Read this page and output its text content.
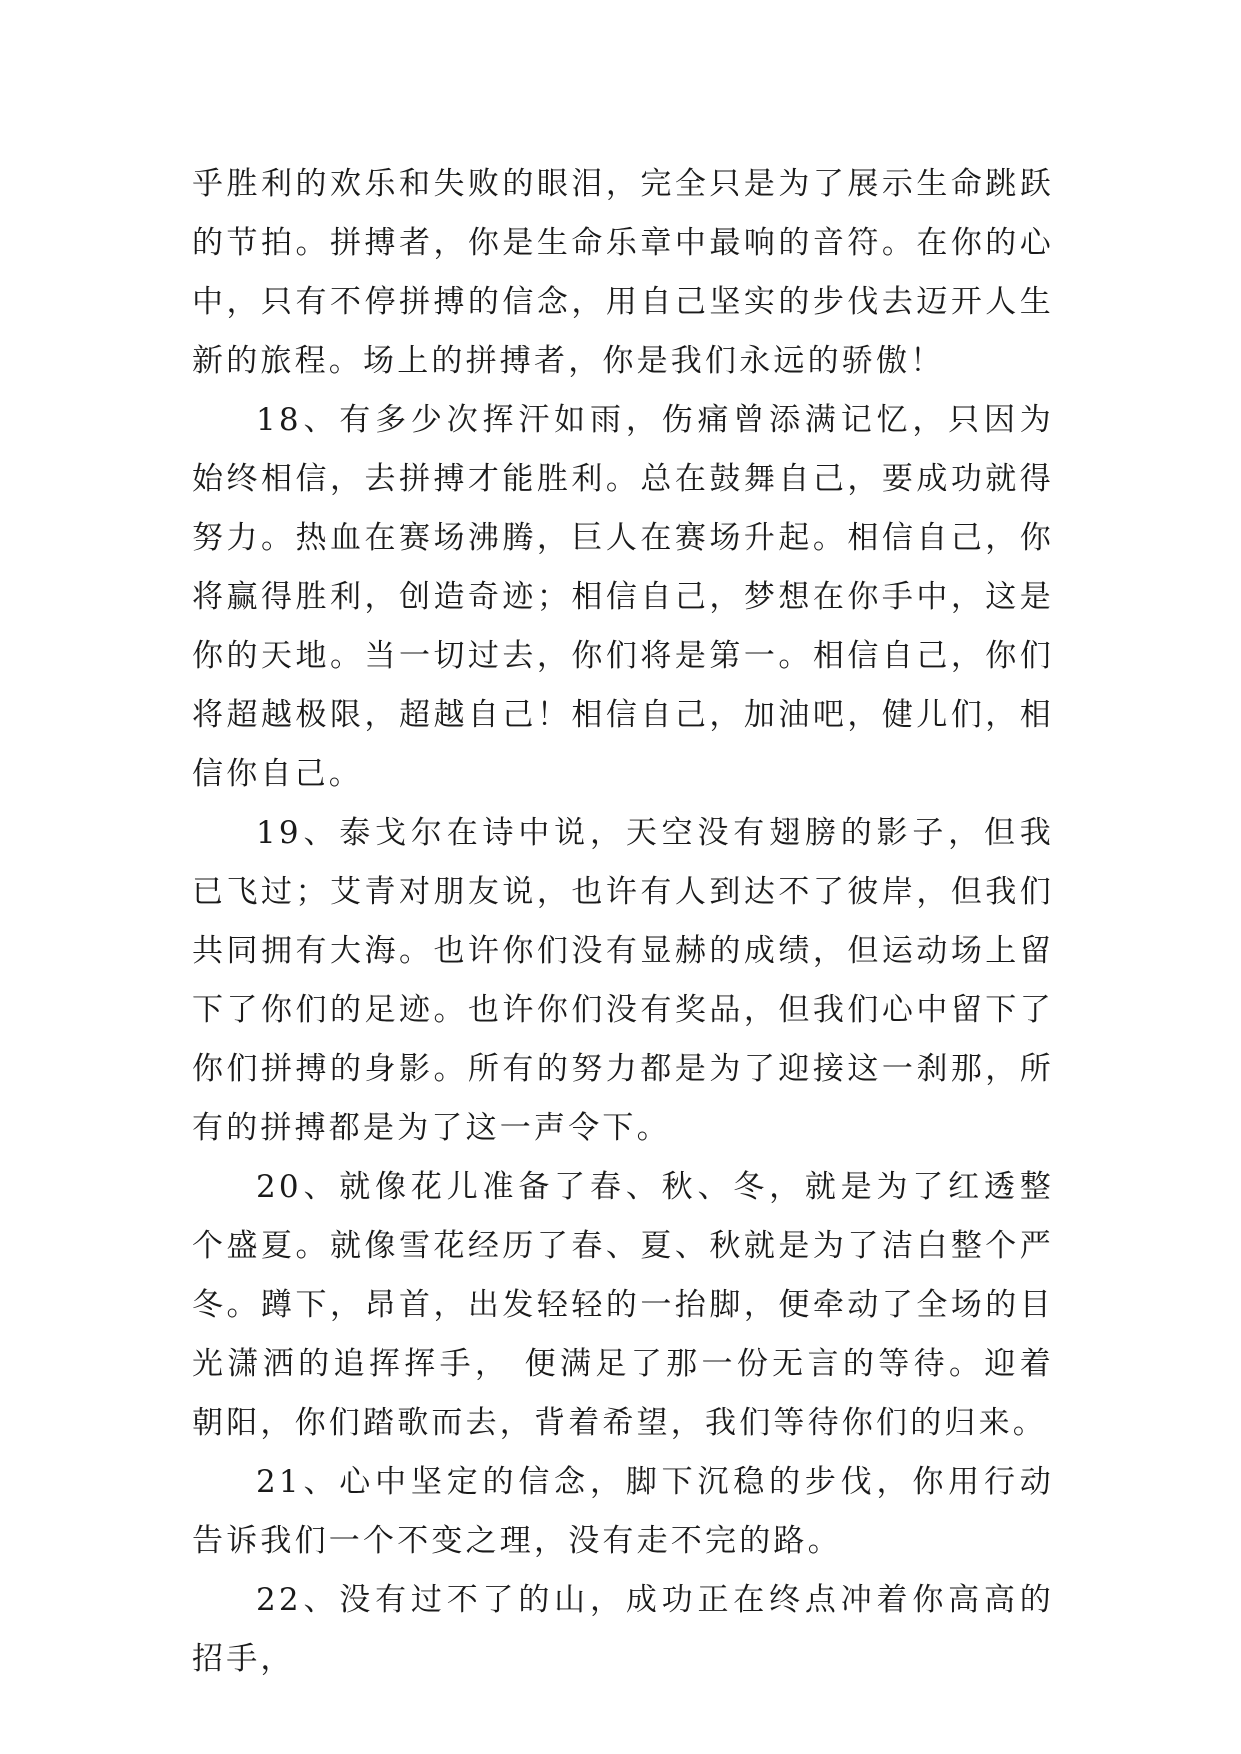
乎胜利的欢乐和失败的眼泪，完全只是为了展示生命跳跃的节拍。拼搏者，你是生命乐章中最响的音符。在你的心中，只有不停拼搏的信念，用自己坚实的步伐去迈开人生新的旅程。场上的拼搏者，你是我们永远的骄傲！

18、有多少次挥汗如雨，伤痛曾添满记忆，只因为始终相信，去拼搏才能胜利。总在鼓舞自己，要成功就得努力。热血在赛场沸腾，巨人在赛场升起。相信自己，你将赢得胜利，创造奇迹；相信自己，梦想在你手中，这是你的天地。当一切过去，你们将是第一。相信自己，你们将超越极限，超越自己！相信自己，加油吧，健儿们，相信你自己。

19、泰戈尔在诗中说，天空没有翅膀的影子，但我已飞过；艾青对朋友说，也许有人到达不了彼岸，但我们共同拥有大海。也许你们没有显赫的成绩，但运动场上留下了你们的足迹。也许你们没有奖品，但我们心中留下了你们拼搏的身影。所有的努力都是为了迎接这一刹那，所有的拼搏都是为了这一声令下。

20、就像花儿准备了春、秋、冬，就是为了红透整个盛夏。就像雪花经历了春、夏、秋就是为了洁白整个严冬。蹲下，昂首，出发轻轻的一抬脚，便牵动了全场的目光潇洒的追挥挥手， 便满足了那一份无言的等待。迎着朝阳，你们踏歌而去，背着希望，我们等待你们的归来。

21、心中坚定的信念，脚下沉稳的步伐，你用行动告诉我们一个不变之理，没有走不完的路。

22、没有过不了的山，成功正在终点冲着你高高的招手，
